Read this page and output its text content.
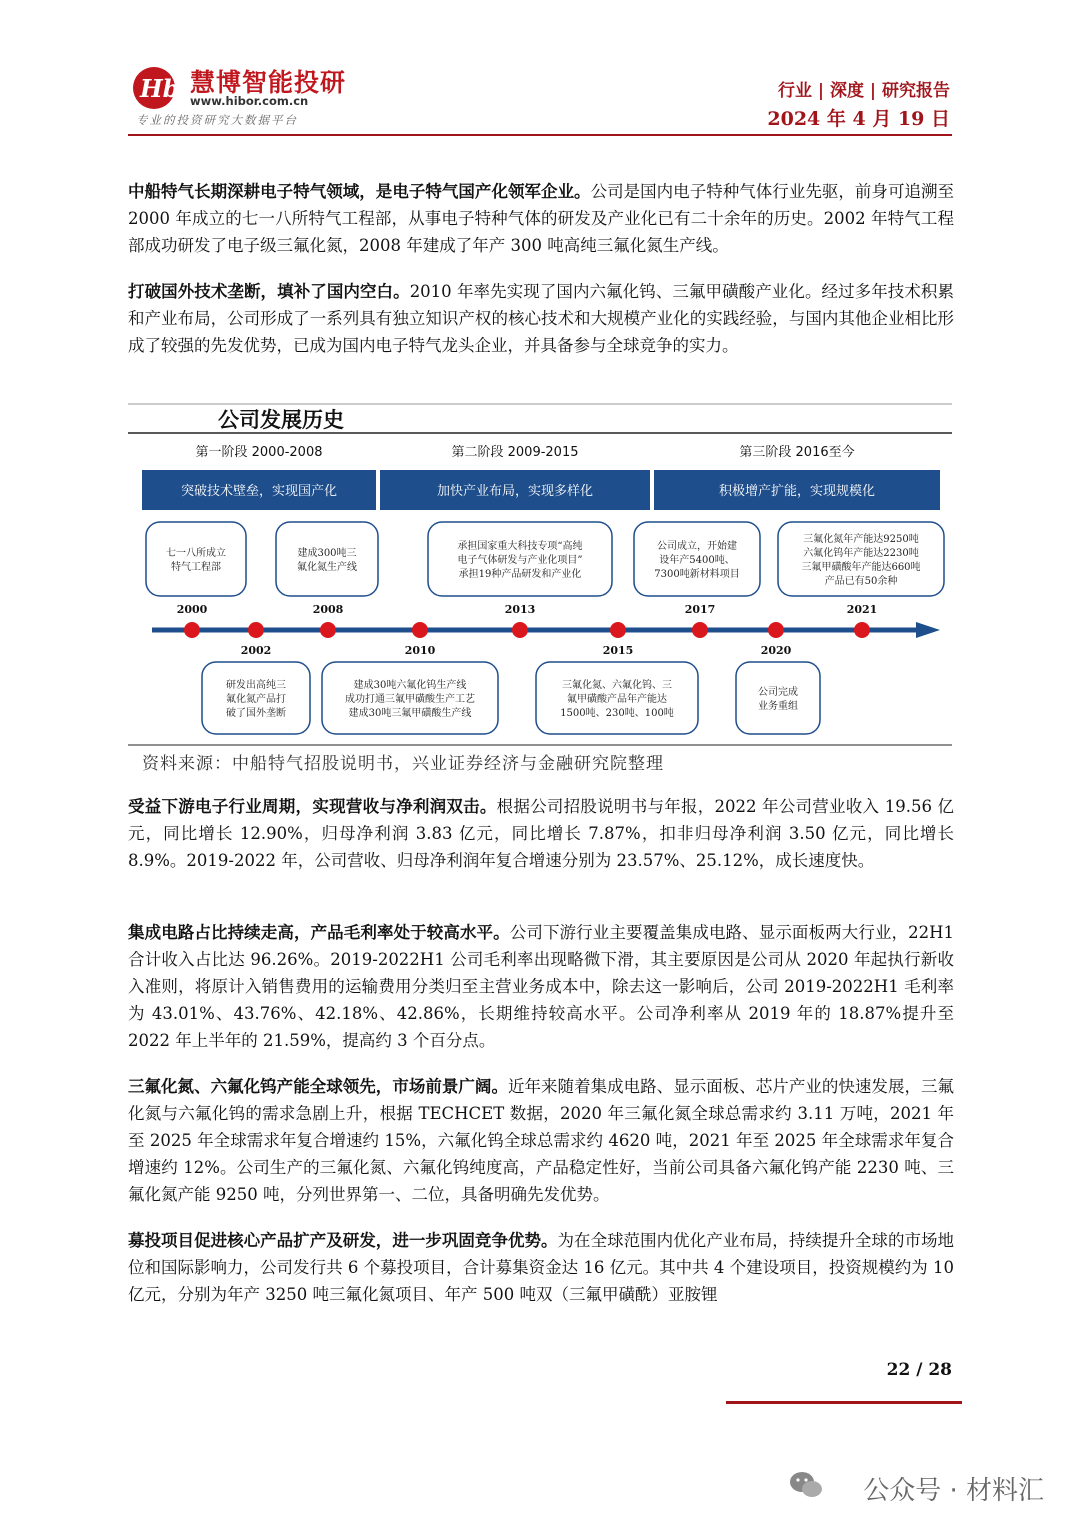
Hb 慧博智能投研
www.hibor.com.cn
专业的投资研究大数据平台
行业 | 深度 | 研究报告
2024 年 4 月 19 日
中船特气长期深耕电子特气领域，是电子特气国产化领军企业。公司是国内电子特种气体行业先驱，前身可追溯至 2000 年成立的七一八所特气工程部，从事电子特种气体的研发及产业化已有二十余年的历史。2002 年特气工程部成功研发了电子级三氟化氮，2008 年建成了年产 300 吨高纯三氟化氮生产线。
打破国外技术垄断，填补了国内空白。2010 年率先实现了国内六氟化钨、三氟甲磺酸产业化。经过多年技术积累和产业布局，公司形成了一系列具有独立知识产权的核心技术和大规模产业化的实践经验，与国内其他企业相比形成了较强的先发优势，已成为国内电子特气龙头企业，并具备参与全球竞争的实力。
公司发展历史
第一阶段 2000-2008
突破技术壁垒，实现国产化
第二阶段 2009-2015
加快产业布局，实现多样化
第三阶段 2016至今
积极增产扩能，实现规模化
七一八所成立
特气工程部
2000
建成300吨三
氟化氮生产线
2008
承担国家重大科技专项“高纯
电子气体研发与产业化项目”
承担19种产品研发和产业化
2013
公司成立，开始建
设年产5400吨、
7300吨新材料项目
2017
三氟化氮年产能达9250吨
六氟化钨年产能达2230吨
三氟甲磺酸年产能达660吨
产品已有50余种
2021
2002
研发出高纯三
氟化氮产品打
破了国外垄断
2010
建成30吨六氟化钨生产线
成功打通三氟甲磺酸生产工艺
建成30吨三氟甲磺酸生产线
2015
三氟化氮、六氟化钨、三
氟甲磺酸产品年产能达
1500吨、230吨、100吨
2020
公司完成
业务重组
资料来源：中船特气招股说明书，兴业证券经济与金融研究院整理
受益下游电子行业周期，实现营收与净利润双击。根据公司招股说明书与年报，2022 年公司营业收入 19.56 亿元，同比增长 12.90%，归母净利润 3.83 亿元，同比增长 7.87%，扣非归母净利润 3.50 亿元，同比增长 8.9%。2019-2022 年，公司营收、归母净利润年复合增速分别为 23.57%、25.12%，成长速度快。
集成电路占比持续走高，产品毛利率处于较高水平。公司下游行业主要覆盖集成电路、显示面板两大行业，22H1 合计收入占比达 96.26%。2019-2022H1 公司毛利率出现略微下滑，其主要原因是公司从 2020 年起执行新收入准则，将原计入销售费用的运输费用分类归至主营业务成本中，除去这一影响后，公司 2019-2022H1 毛利率为 43.01%、43.76%、42.18%、42.86%，长期维持较高水平。公司净利率从 2019 年的 18.87%提升至 2022 年上半年的 21.59%，提高约 3 个百分点。
三氟化氮、六氟化钨产能全球领先，市场前景广阔。近年来随着集成电路、显示面板、芯片产业的快速发展，三氟化氮与六氟化钨的需求急剧上升，根据 TECHCET 数据，2020 年三氟化氮全球总需求约 3.11 万吨，2021 年至 2025 年全球需求年复合增速约 15%，六氟化钨全球总需求约 4620 吨，2021 年至 2025 年全球需求年复合增速约 12%。公司生产的三氟化氮、六氟化钨纯度高，产品稳定性好，当前公司具备六氟化钨产能 2230 吨、三氟化氮产能 9250 吨，分列世界第一、二位，具备明确先发优势。
募投项目促进核心产品扩产及研发，进一步巩固竞争优势。为在全球范围内优化产业布局，持续提升全球的市场地位和国际影响力，公司发行共 6 个募投项目，合计募集资金达 16 亿元。其中共 4 个建设项目，投资规模约为 10 亿元，分别为年产 3250 吨三氟化氮项目、年产 500 吨双（三氟甲磺酰）亚胺锂
22 / 28
公众号 · 材料汇
